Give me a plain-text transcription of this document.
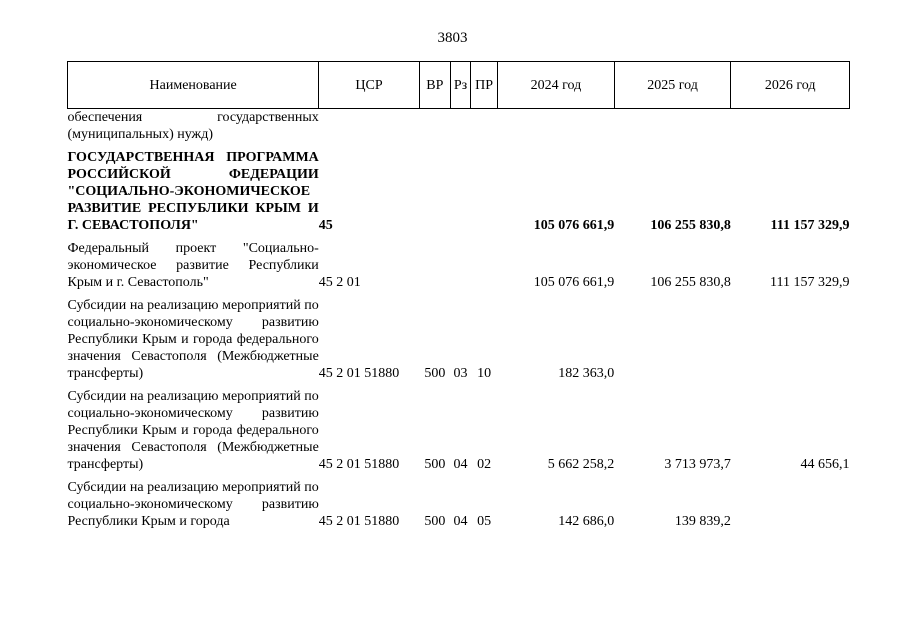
3803
Наименование	ЦСР	ВР	Рз	ПР	2024 год	2025 год	2026 год
обеспечения государственных (муниципальных) нужд)							

ГОСУДАРСТВЕННАЯ ПРОГРАММА РОССИЙСКОЙ ФЕДЕРАЦИИ "СОЦИАЛЬНО-ЭКОНОМИЧЕСКОЕ РАЗВИТИЕ РЕСПУБЛИКИ КРЫМ И Г. СЕВАСТОПОЛЯ"	45				105 076 661,9	106 255 830,8	111 157 329,9

Федеральный проект "Социально-экономическое развитие Республики Крым и г. Севастополь"	45 2 01				105 076 661,9	106 255 830,8	111 157 329,9

Субсидии на реализацию мероприятий по социально-экономическому развитию Республики Крым и города федерального значения Севастополя (Межбюджетные трансферты)	45 2 01 51880	500	03	10	182 363,0		

Субсидии на реализацию мероприятий по социально-экономическому развитию Республики Крым и города федерального значения Севастополя (Межбюджетные трансферты)	45 2 01 51880	500	04	02	5 662 258,2	3 713 973,7	44 656,1

Субсидии на реализацию мероприятий по социально-экономическому развитию Республики Крым и города	45 2 01 51880	500	04	05	142 686,0	139 839,2	
